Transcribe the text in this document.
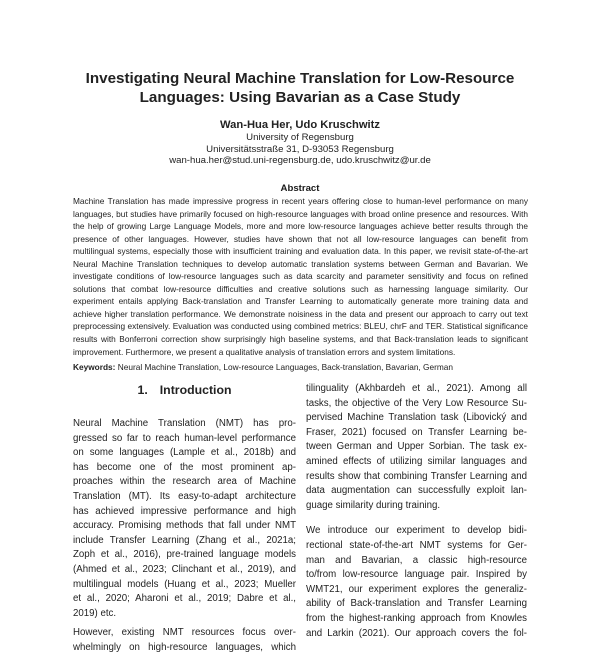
Investigating Neural Machine Translation for Low-Resource
Languages: Using Bavarian as a Case Study
Wan-Hua Her, Udo Kruschwitz
University of Regensburg
Universitätsstraße 31, D-93053 Regensburg
wan-hua.her@stud.uni-regensburg.de, udo.kruschwitz@ur.de
Abstract
Machine Translation has made impressive progress in recent years offering close to human-level performance on many languages, but studies have primarily focused on high-resource languages with broad online presence and resources. With the help of growing Large Language Models, more and more low-resource languages achieve better results through the presence of other languages. However, studies have shown that not all low-resource languages can benefit from multilingual systems, especially those with insufficient training and evaluation data. In this paper, we revisit state-of-the-art Neural Machine Translation techniques to develop automatic translation systems between German and Bavarian. We investigate conditions of low-resource languages such as data scarcity and parameter sensitivity and focus on refined solutions that combat low-resource difficulties and creative solutions such as harnessing language similarity. Our experiment entails applying Back-translation and Transfer Learning to automatically generate more training data and achieve higher translation performance. We demonstrate noisiness in the data and present our approach to carry out text preprocessing extensively. Evaluation was conducted using combined metrics: BLEU, chrF and TER. Statistical significance results with Bonferroni correction show surprisingly high baseline systems, and that Back-translation leads to significant improvement. Furthermore, we present a qualitative analysis of translation errors and system limitations.
Keywords: Neural Machine Translation, Low-resource Languages, Back-translation, Bavarian, German
1. Introduction
Neural Machine Translation (NMT) has pro-
gressed so far to reach human-level performance
on some languages (Lample et al., 2018b) and
has become one of the most prominent ap-
proaches within the research area of Machine
Translation (MT). Its easy-to-adapt architecture
has achieved impressive performance and high
accuracy. Promising methods that fall under NMT
include Transfer Learning (Zhang et al., 2021a;
Zoph et al., 2016), pre-trained language models
(Ahmed et al., 2023; Clinchant et al., 2019), and
multilingual models (Huang et al., 2023; Mueller
et al., 2020; Aharoni et al., 2019; Dabre et al.,
2019) etc.
However, existing NMT resources focus over-
whelmingly on high-resource languages, which
tilinguality (Akhbardeh et al., 2021). Among all
tasks, the objective of the Very Low Resource Su-
pervised Machine Translation task (Libovický and
Fraser, 2021) focused on Transfer Learning be-
tween German and Upper Sorbian. The task ex-
amined effects of utilizing similar languages and
results show that combining Transfer Learning and
data augmentation can successfully exploit lan-
guage similarity during training.
We introduce our experiment to develop bidi-
rectional state-of-the-art NMT systems for Ger-
man and Bavarian, a classic high-resource
to/from low-resource language pair. Inspired by
WMT21, our experiment explores the generaliz-
ability of Back-translation and Transfer Learning
from the highest-ranking approach from Knowles
and Larkin (2021). Our approach covers the fol-
